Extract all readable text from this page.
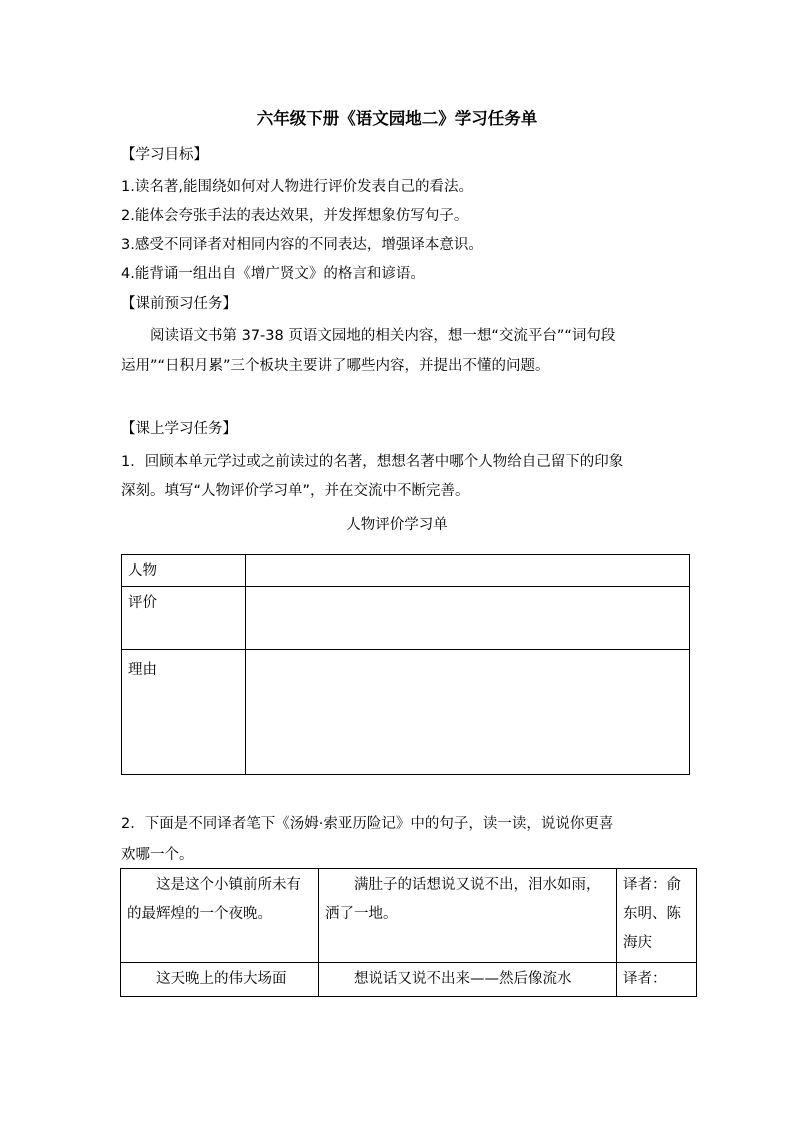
六年级下册《语文园地二》学习任务单
【学习目标】
1.读名著,能围绕如何对人物进行评价发表自己的看法。
2.能体会夸张手法的表达效果，并发挥想象仿写句子。
3.感受不同译者对相同内容的不同表达，增强译本意识。
4.能背诵一组出自《增广贤文》的格言和谚语。
【课前预习任务】
阅读语文书第 37-38 页语文园地的相关内容，想一想“交流平台”“词句段
运用”“日积月累”三个板块主要讲了哪些内容，并提出不懂的问题。
【课上学习任务】
1．回顾本单元学过或之前读过的名著，想想名著中哪个人物给自己留下的印象
深刻。填写“人物评价学习单”，并在交流中不断完善。
人物评价学习单
人物	
评价	
理由	
2．下面是不同译者笔下《汤姆·索亚历险记》中的句子，读一读，说说你更喜
欢哪一个。
这是这个小镇前所未有的最辉煌的一个夜晚。	满肚子的话想说又说不出，泪水如雨，洒了一地。	译者：俞东明、陈海庆
这天晚上的伟大场面	想说话又说不出来——然后像流水	译者：
